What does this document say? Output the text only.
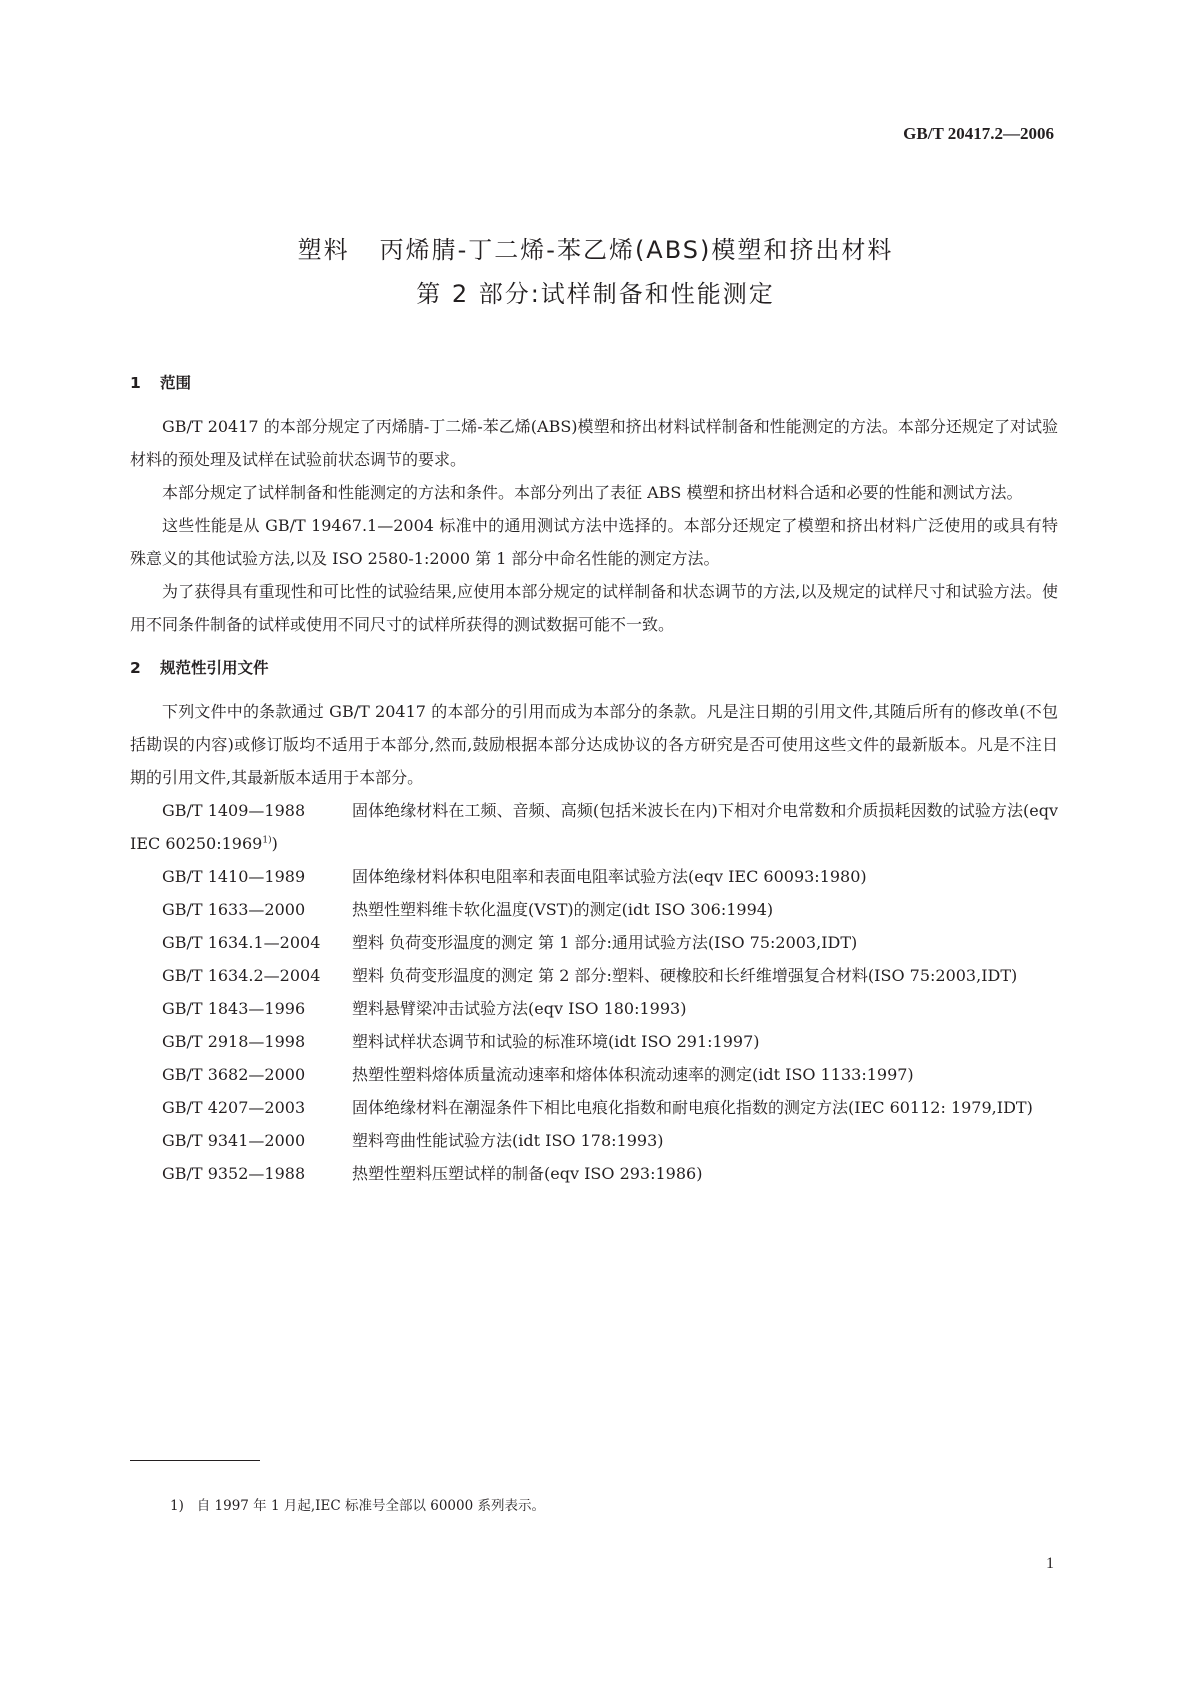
GB/T 20417.2—2006
塑料 丙烯腈-丁二烯-苯乙烯(ABS)模塑和挤出材料
第 2 部分:试样制备和性能测定
1 范围

GB/T 20417 的本部分规定了丙烯腈-丁二烯-苯乙烯(ABS)模塑和挤出材料试样制备和性能测定的方法。本部分还规定了对试验材料的预处理及试样在试验前状态调节的要求。

本部分规定了试样制备和性能测定的方法和条件。本部分列出了表征 ABS 模塑和挤出材料合适和必要的性能和测试方法。

这些性能是从 GB/T 19467.1—2004 标准中的通用测试方法中选择的。本部分还规定了模塑和挤出材料广泛使用的或具有特殊意义的其他试验方法,以及 ISO 2580-1:2000 第 1 部分中命名性能的测定方法。

为了获得具有重现性和可比性的试验结果,应使用本部分规定的试样制备和状态调节的方法,以及规定的试样尺寸和试验方法。使用不同条件制备的试样或使用不同尺寸的试样所获得的测试数据可能不一致。

2 规范性引用文件

下列文件中的条款通过 GB/T 20417 的本部分的引用而成为本部分的条款。凡是注日期的引用文件,其随后所有的修改单(不包括勘误的内容)或修订版均不适用于本部分,然而,鼓励根据本部分达成协议的各方研究是否可使用这些文件的最新版本。凡是不注日期的引用文件,其最新版本适用于本部分。

GB/T 1409—1988	固体绝缘材料在工频、音频、高频(包括米波长在内)下相对介电常数和介质损耗因数的试验方法(eqv IEC 60250:1969$^{1)}$)

GB/T 1410—1989	固体绝缘材料体积电阻率和表面电阻率试验方法(eqv IEC 60093:1980)

GB/T 1633—2000	热塑性塑料维卡软化温度(VST)的测定(idt ISO 306:1994)

GB/T 1634.1—2004 塑料 负荷变形温度的测定 第 1 部分:通用试验方法(ISO 75:2003,IDT)

GB/T 1634.2—2004 塑料 负荷变形温度的测定 第 2 部分:塑料、硬橡胶和长纤维增强复合材料(ISO 75:2003,IDT)

GB/T 1843—1996	塑料悬臂梁冲击试验方法(eqv ISO 180:1993)

GB/T 2918—1998	塑料试样状态调节和试验的标准环境(idt ISO 291:1997)

GB/T 3682—2000	热塑性塑料熔体质量流动速率和熔体体积流动速率的测定(idt ISO 1133:1997)

GB/T 4207—2003	固体绝缘材料在潮湿条件下相比电痕化指数和耐电痕化指数的测定方法(IEC 60112: 1979,IDT)

GB/T 9341—2000	塑料弯曲性能试验方法(idt ISO 178:1993)

GB/T 9352—1988	热塑性塑料压塑试样的制备(eqv ISO 293:1986)

1) 自 1997 年 1 月起,IEC 标准号全部以 60000 系列表示。
1
